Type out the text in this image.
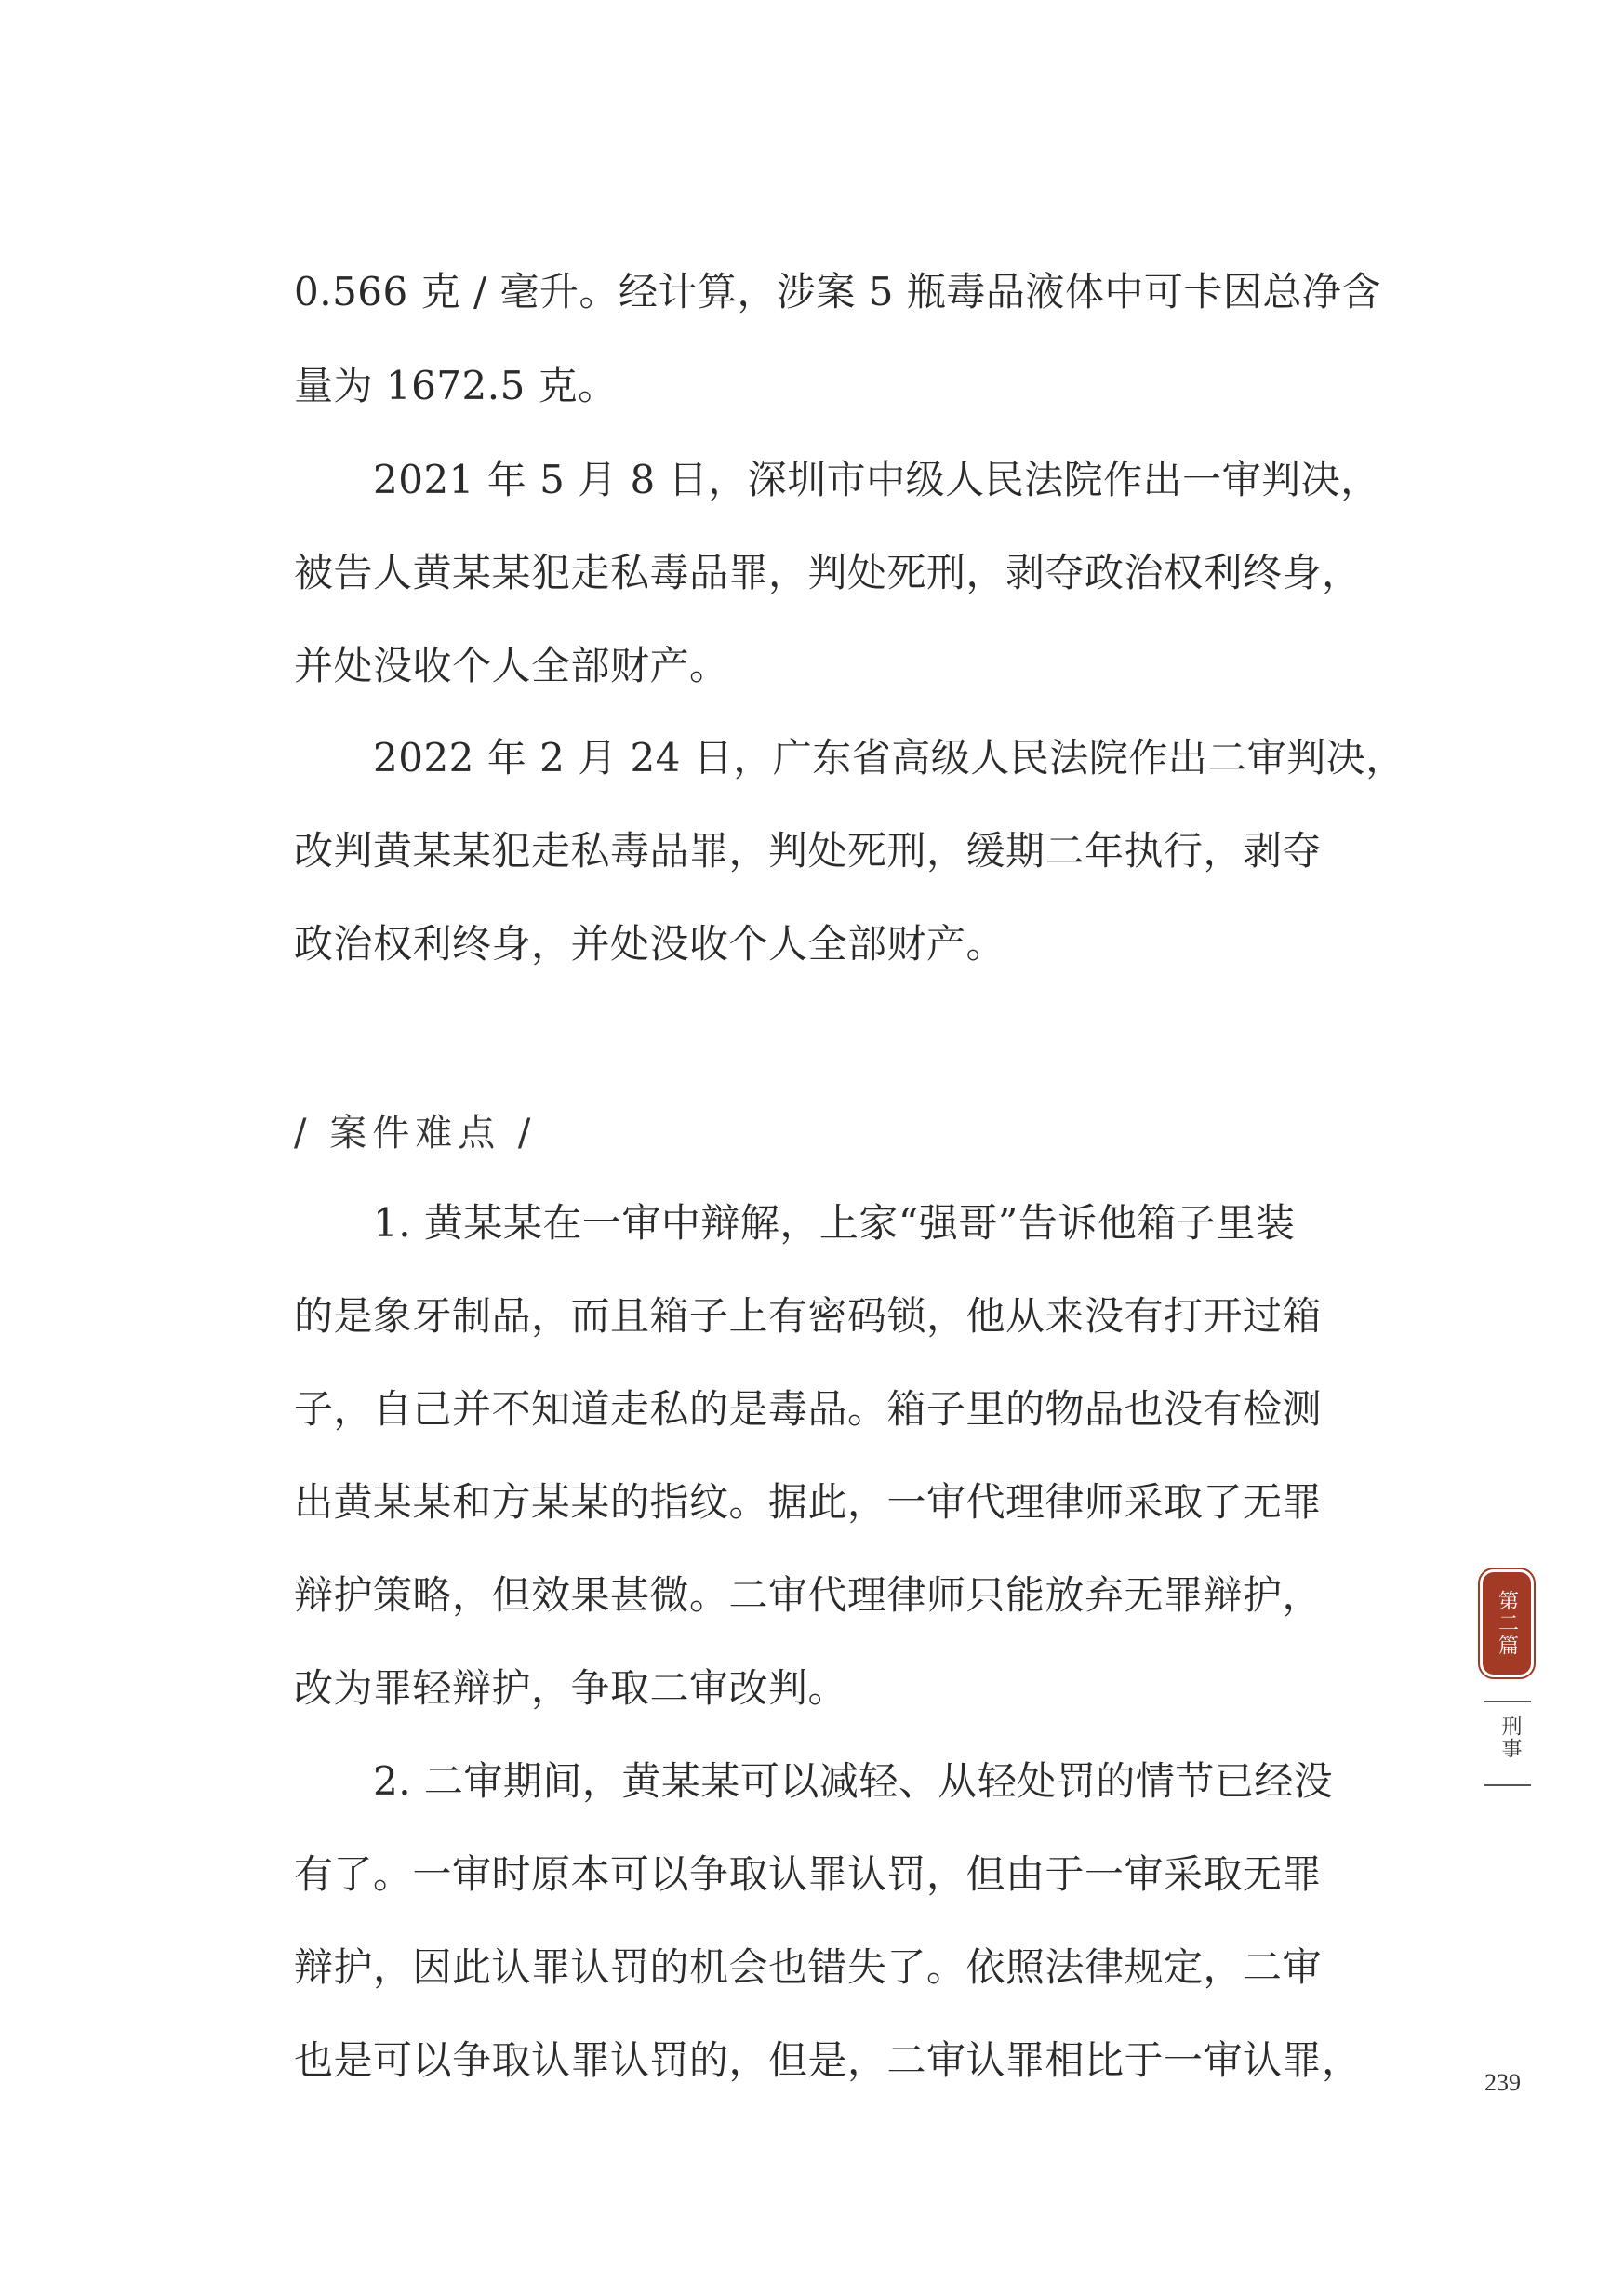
0.566 克 / 毫升。经计算，涉案 5 瓶毒品液体中可卡因总净含
量为 1672.5 克。
　　2021 年 5 月 8 日，深圳市中级人民法院作出一审判决，
被告人黄某某犯走私毒品罪，判处死刑，剥夺政治权利终身，
并处没收个人全部财产。
　　2022 年 2 月 24 日，广东省高级人民法院作出二审判决，
改判黄某某犯走私毒品罪，判处死刑，缓期二年执行，剥夺
政治权利终身，并处没收个人全部财产。
/ 案件难点 /
　　1. 黄某某在一审中辩解，上家“强哥”告诉他箱子里装
的是象牙制品，而且箱子上有密码锁，他从来没有打开过箱
子，自己并不知道走私的是毒品。箱子里的物品也没有检测
出黄某某和方某某的指纹。据此，一审代理律师采取了无罪
辩护策略，但效果甚微。二审代理律师只能放弃无罪辩护，
改为罪轻辩护，争取二审改判。
　　2. 二审期间，黄某某可以减轻、从轻处罚的情节已经没
有了。一审时原本可以争取认罪认罚，但由于一审采取无罪
辩护，因此认罪认罚的机会也错失了。依照法律规定，二审
也是可以争取认罪认罚的，但是，二审认罪相比于一审认罪，
第二篇
刑事
239
